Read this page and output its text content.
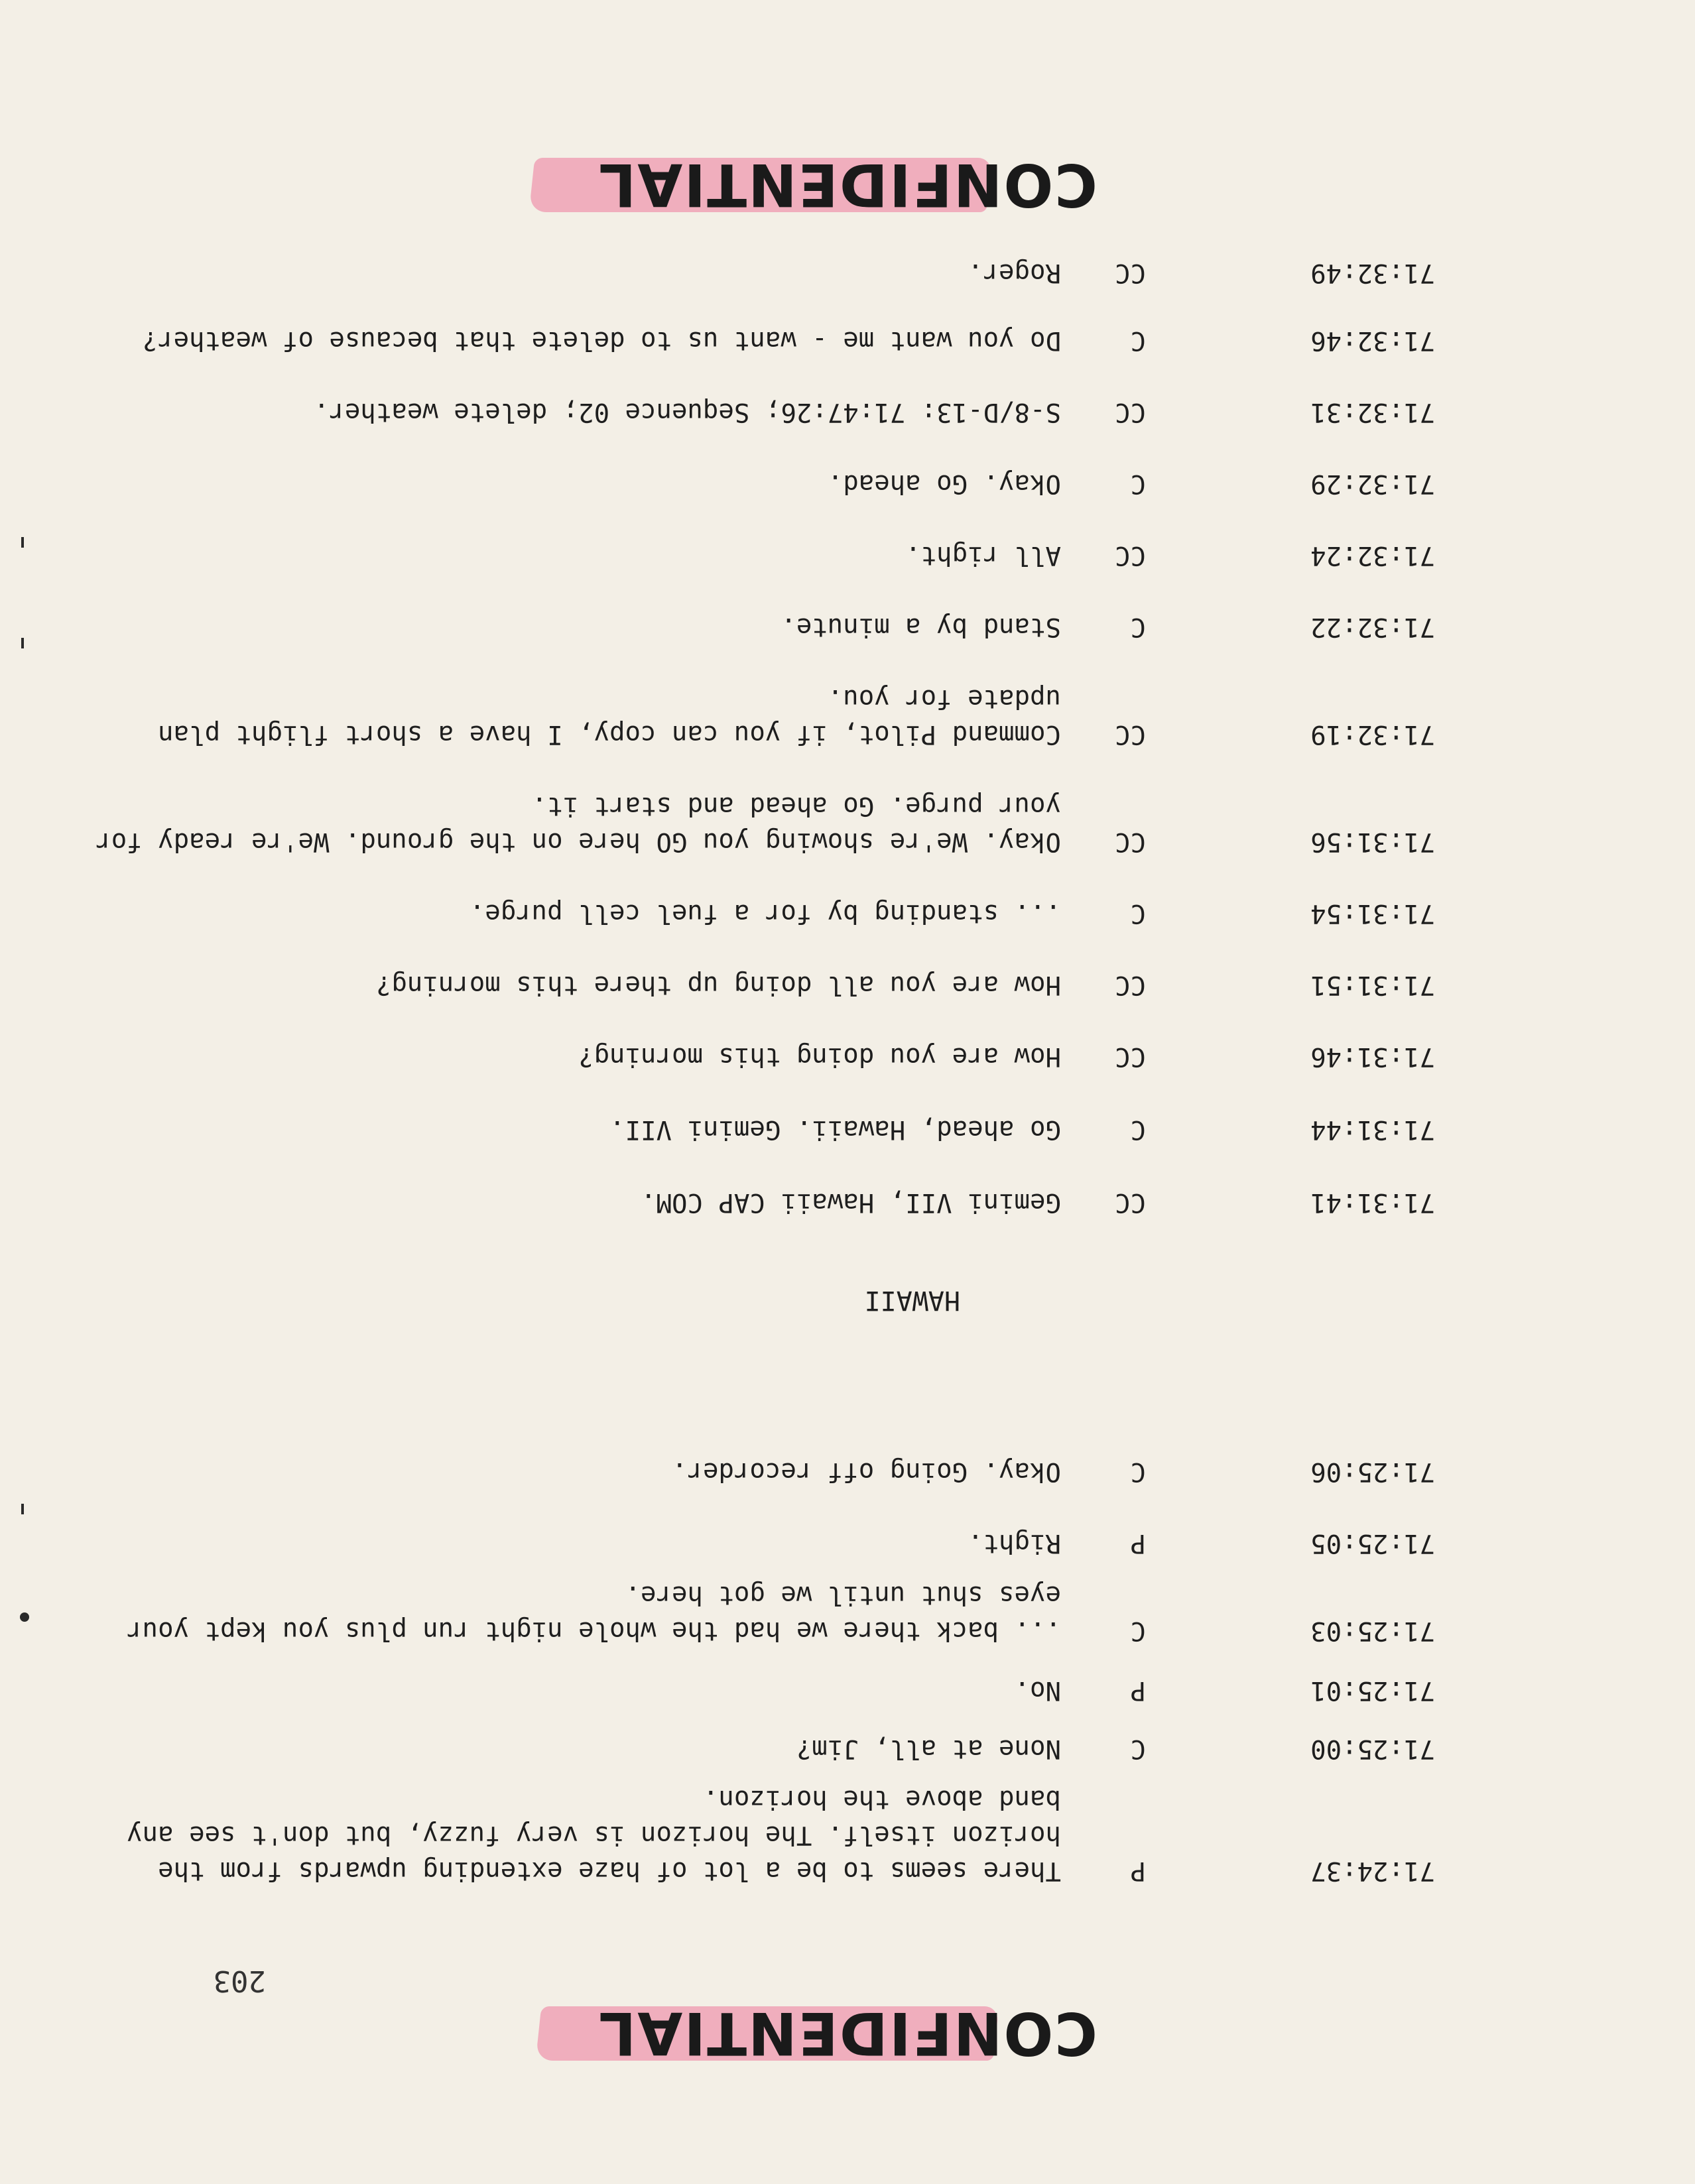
CONFIDENTIAL
203
71:24:37
P
There seems to be a lot of haze extending upwards from the horizon itself. The horizon is very fuzzy, but don't see any band above the horizon.
71:25:00
C
None at all, Jim?
71:25:01
P
No.
71:25:03
C
... back there we had the whole night run plus you kept your eyes shut until we got here.
71:25:05
P
Right.
71:25:06
C
Okay. Going off recorder.
HAWAII
71:31:41
CC
Gemini VII, Hawaii CAP COM.
71:31:44
C
Go ahead, Hawaii. Gemini VII.
71:31:46
CC
How are you doing this morning?
71:31:51
CC
How are you all doing up there this morning?
71:31:54
C
... standing by for a fuel cell purge.
71:31:56
CC
Okay. We're showing you GO here on the ground. We're ready for your purge. Go ahead and start it.
71:32:19
CC
Command Pilot, if you can copy, I have a short flight plan update for you.
71:32:22
C
Stand by a minute.
71:32:24
CC
All right.
71:32:29
C
Okay. Go ahead.
71:32:31
CC
S-8/D-13: 71:47:26; Sequence 02; delete weather.
71:32:46
C
Do you want me - want us to delete that because of weather?
71:32:49
CC
Roger.
CONFIDENTIAL
